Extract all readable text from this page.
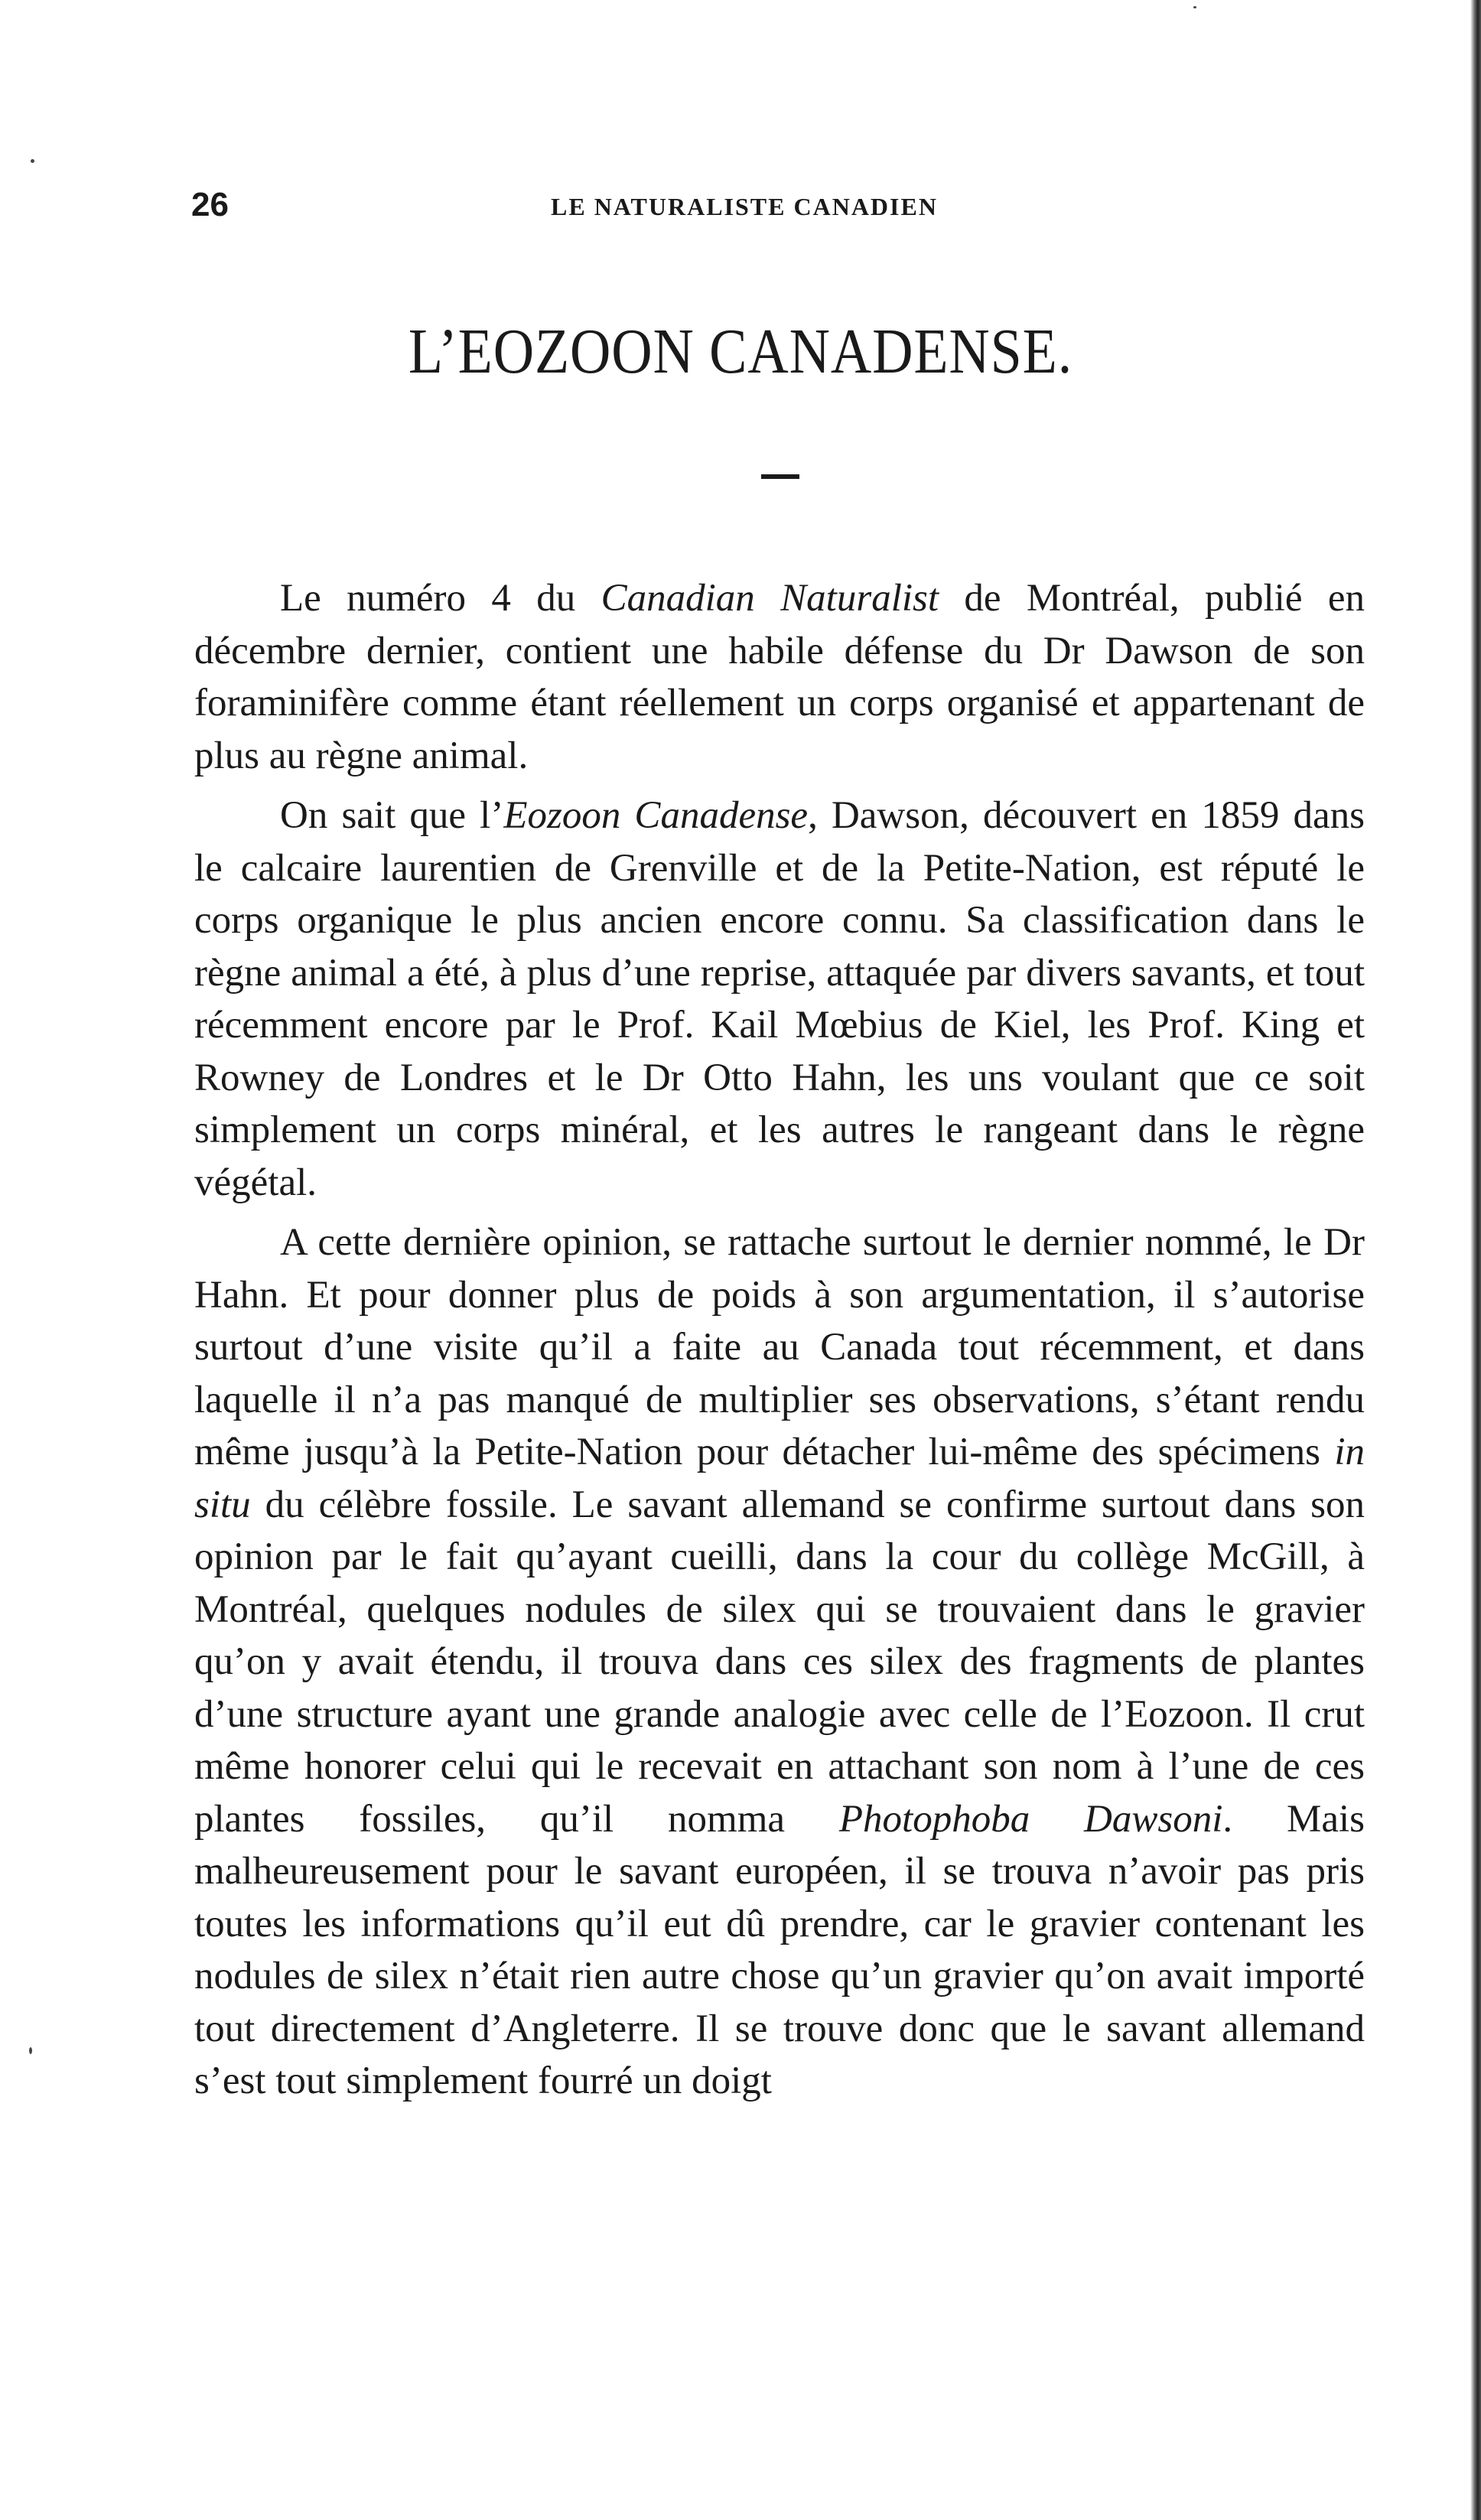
26	LE NATURALISTE CANADIEN
L’EOZOON CANADENSE.

Le numéro 4 du Canadian Naturalist de Montréal, publié en décembre dernier, contient une habile défense du Dr Dawson de son foraminifère comme étant réellement un corps organisé et appartenant de plus au règne animal.

On sait que l’Eozoon Canadense, Dawson, découvert en 1859 dans le calcaire laurentien de Grenville et de la Petite-Nation, est réputé le corps organique le plus ancien encore connu. Sa classification dans le règne animal a été, à plus d’une reprise, attaquée par divers savants, et tout récemment encore par le Prof. Kail Mœbius de Kiel, les Prof. King et Rowney de Londres et le Dr Otto Hahn, les uns voulant que ce soit simplement un corps minéral, et les autres le rangeant dans le règne végétal.

A cette dernière opinion, se rattache surtout le dernier nommé, le Dr Hahn. Et pour donner plus de poids à son argumentation, il s’autorise surtout d’une visite qu’il a faite au Canada tout récemment, et dans laquelle il n’a pas manqué de multiplier ses observations, s’étant rendu même jusqu’à la Petite-Nation pour détacher lui-même des spécimens in situ du célèbre fossile. Le savant allemand se confirme surtout dans son opinion par le fait qu’ayant cueilli, dans la cour du collège McGill, à Montréal, quelques nodules de silex qui se trouvaient dans le gravier qu’on y avait étendu, il trouva dans ces silex des fragments de plantes d’une structure ayant une grande analogie avec celle de l’Eozoon. Il crut même honorer celui qui le recevait en attachant son nom à l’une de ces plantes fossiles, qu’il nomma Photophoba Dawsoni. Mais malheureusement pour le savant européen, il se trouva n’avoir pas pris toutes les informations qu’il eut dû prendre, car le gravier contenant les nodules de silex n’était rien autre chose qu’un gravier qu’on avait importé tout directement d’Angleterre. Il se trouve donc que le savant allemand s’est tout simplement fourré un doigt
